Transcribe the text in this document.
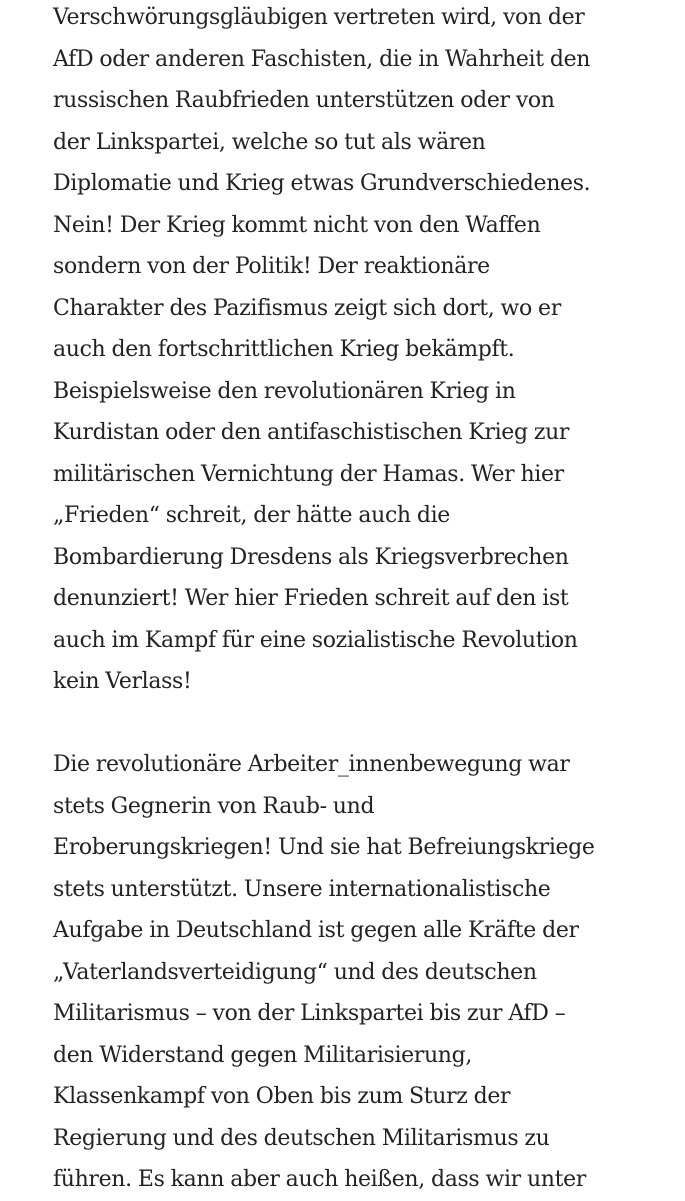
Verschwörungsgläubigen vertreten wird, von der
AfD oder anderen Faschisten, die in Wahrheit den
russischen Raubfrieden unterstützen oder von
der Linkspartei, welche so tut als wären
Diplomatie und Krieg etwas Grundverschiedenes.
Nein! Der Krieg kommt nicht von den Waffen
sondern von der Politik! Der reaktionäre
Charakter des Pazifismus zeigt sich dort, wo er
auch den fortschrittlichen Krieg bekämpft.
Beispielsweise den revolutionären Krieg in
Kurdistan oder den antifaschistischen Krieg zur
militärischen Vernichtung der Hamas. Wer hier
„Frieden“ schreit, der hätte auch die
Bombardierung Dresdens als Kriegsverbrechen
denunziert! Wer hier Frieden schreit auf den ist
auch im Kampf für eine sozialistische Revolution
kein Verlass!
Die revolutionäre Arbeiter_innenbewegung war
stets Gegnerin von Raub- und
Eroberungskriegen! Und sie hat Befreiungskriege
stets unterstützt. Unsere internationalistische
Aufgabe in Deutschland ist gegen alle Kräfte der
„Vaterlandsverteidigung“ und des deutschen
Militarismus – von der Linkspartei bis zur AfD –
den Widerstand gegen Militarisierung,
Klassenkampf von Oben bis zum Sturz der
Regierung und des deutschen Militarismus zu
führen. Es kann aber auch heißen, dass wir unter
